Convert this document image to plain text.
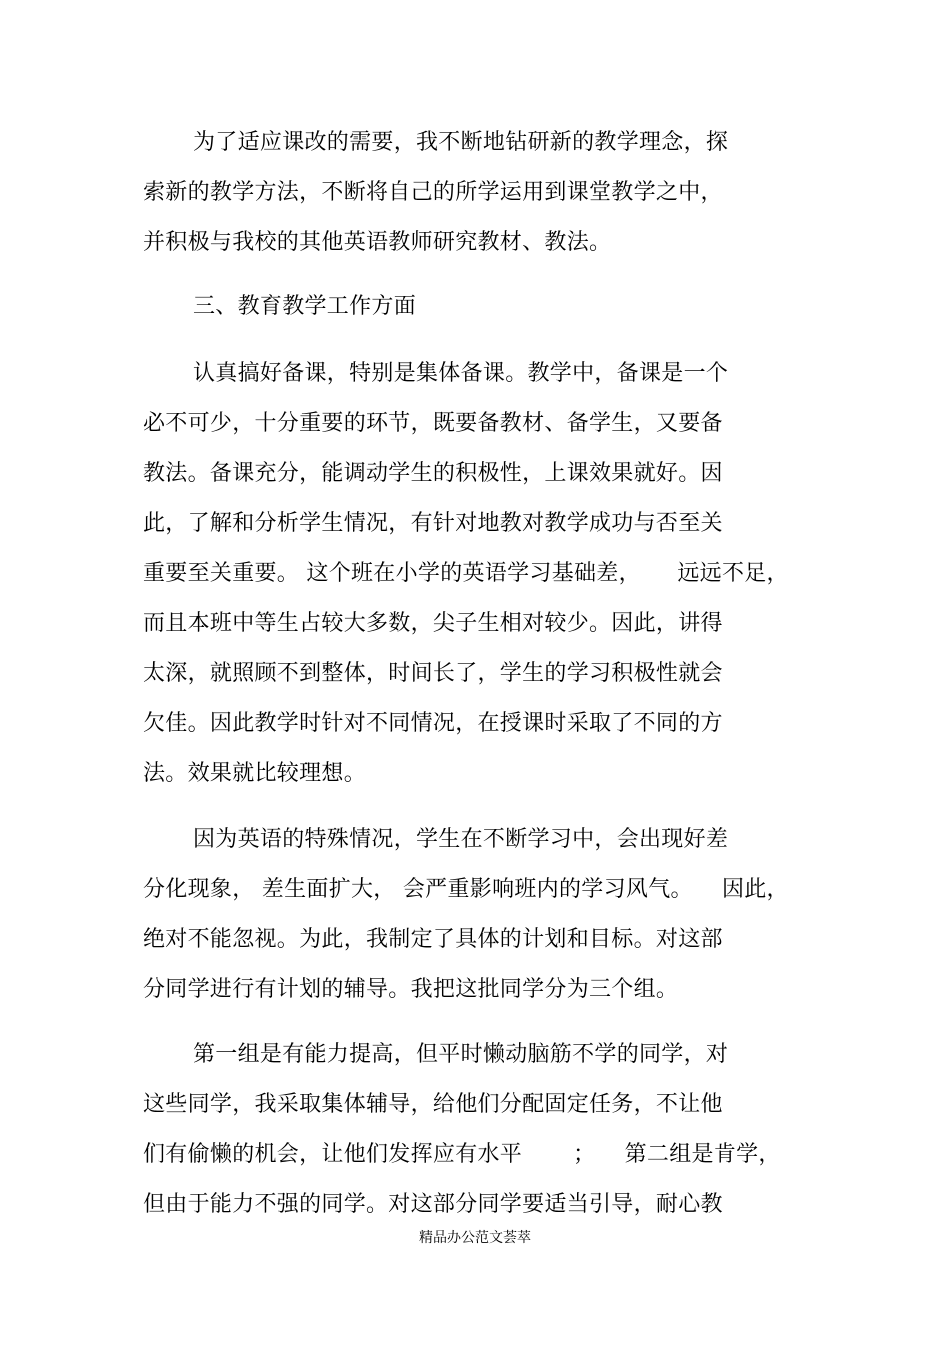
为了适应课改的需要，我不断地钻研新的教学理念，探
索新的教学方法，不断将自己的所学运用到课堂教学之中，
并积极与我校的其他英语教师研究教材、教法。
三、教育教学工作方面
认真搞好备课，特别是集体备课。教学中，备课是一个
必不可少，十分重要的环节，既要备教材、备学生，又要备
教法。备课充分，能调动学生的积极性，上课效果就好。因
此，了解和分析学生情况，有针对地教对教学成功与否至关
重要至关重要。 这个班在小学的英语学习基础差，     远远不足，
而且本班中等生占较大多数，尖子生相对较少。因此，讲得
太深，就照顾不到整体，时间长了，学生的学习积极性就会
欠佳。因此教学时针对不同情况，在授课时采取了不同的方
法。效果就比较理想。
因为英语的特殊情况，学生在不断学习中，会出现好差
分化现象， 差生面扩大， 会严重影响班内的学习风气。    因此，
绝对不能忽视。为此，我制定了具体的计划和目标。对这部
分同学进行有计划的辅导。我把这批同学分为三个组。
第一组是有能力提高，但平时懒动脑筋不学的同学，对
这些同学，我采取集体辅导，给他们分配固定任务，不让他
们有偷懒的机会，让他们发挥应有水平       ；    第二组是肯学，
但由于能力不强的同学。对这部分同学要适当引导，耐心教
精品办公范文荟萃
